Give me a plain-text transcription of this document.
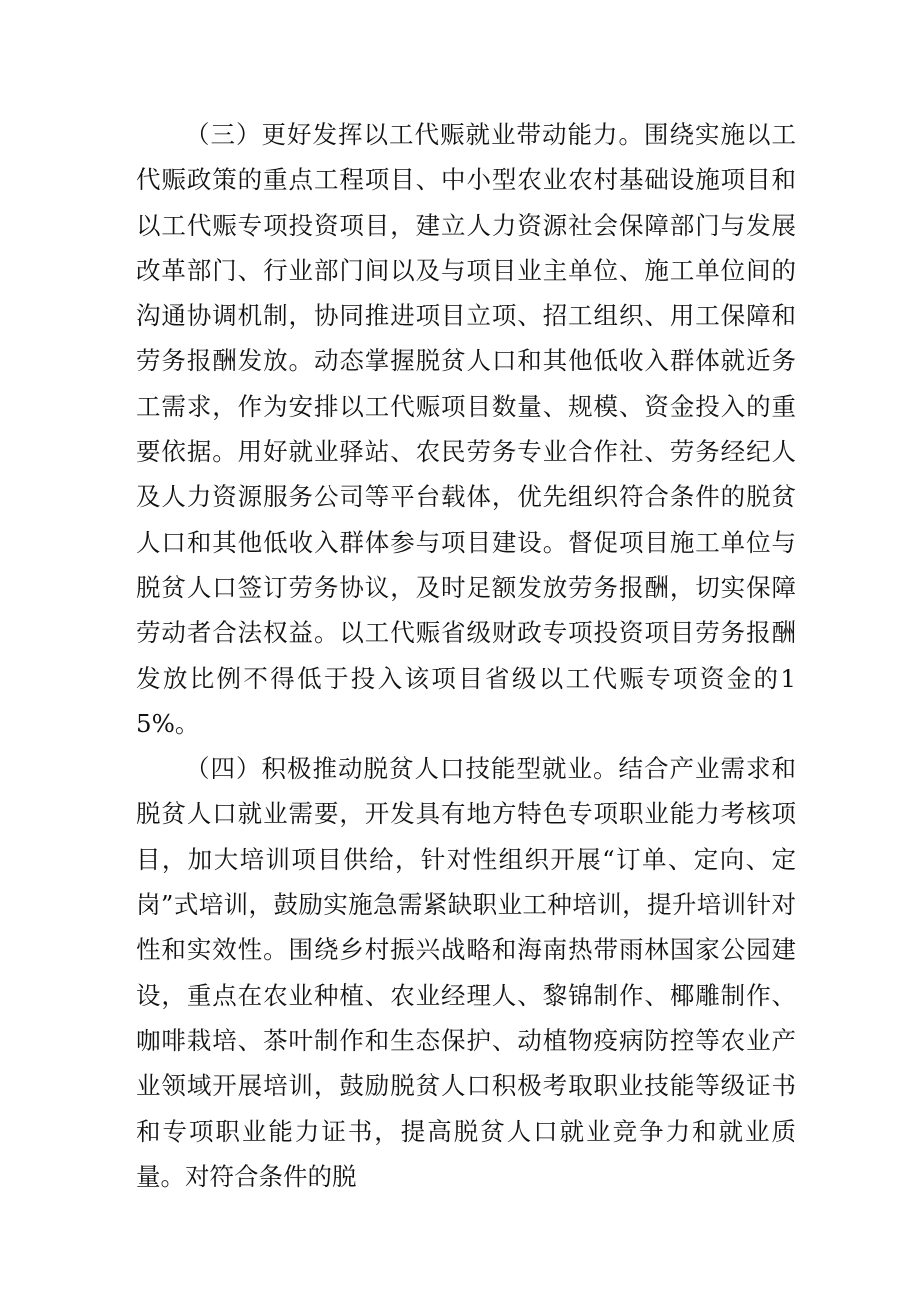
（三）更好发挥以工代赈就业带动能力。围绕实施以工代赈政策的重点工程项目、中小型农业农村基础设施项目和以工代赈专项投资项目，建立人力资源社会保障部门与发展改革部门、行业部门间以及与项目业主单位、施工单位间的沟通协调机制，协同推进项目立项、招工组织、用工保障和劳务报酬发放。动态掌握脱贫人口和其他低收入群体就近务工需求，作为安排以工代赈项目数量、规模、资金投入的重要依据。用好就业驿站、农民劳务专业合作社、劳务经纪人及人力资源服务公司等平台载体，优先组织符合条件的脱贫人口和其他低收入群体参与项目建设。督促项目施工单位与脱贫人口签订劳务协议，及时足额发放劳务报酬，切实保障劳动者合法权益。以工代赈省级财政专项投资项目劳务报酬发放比例不得低于投入该项目省级以工代赈专项资金的15%。

（四）积极推动脱贫人口技能型就业。结合产业需求和脱贫人口就业需要，开发具有地方特色专项职业能力考核项目，加大培训项目供给，针对性组织开展“订单、定向、定岗”式培训，鼓励实施急需紧缺职业工种培训，提升培训针对性和实效性。围绕乡村振兴战略和海南热带雨林国家公园建设，重点在农业种植、农业经理人、黎锦制作、椰雕制作、咖啡栽培、茶叶制作和生态保护、动植物疫病防控等农业产业领域开展培训，鼓励脱贫人口积极考取职业技能等级证书和专项职业能力证书，提高脱贫人口就业竞争力和就业质量。对符合条件的脱
